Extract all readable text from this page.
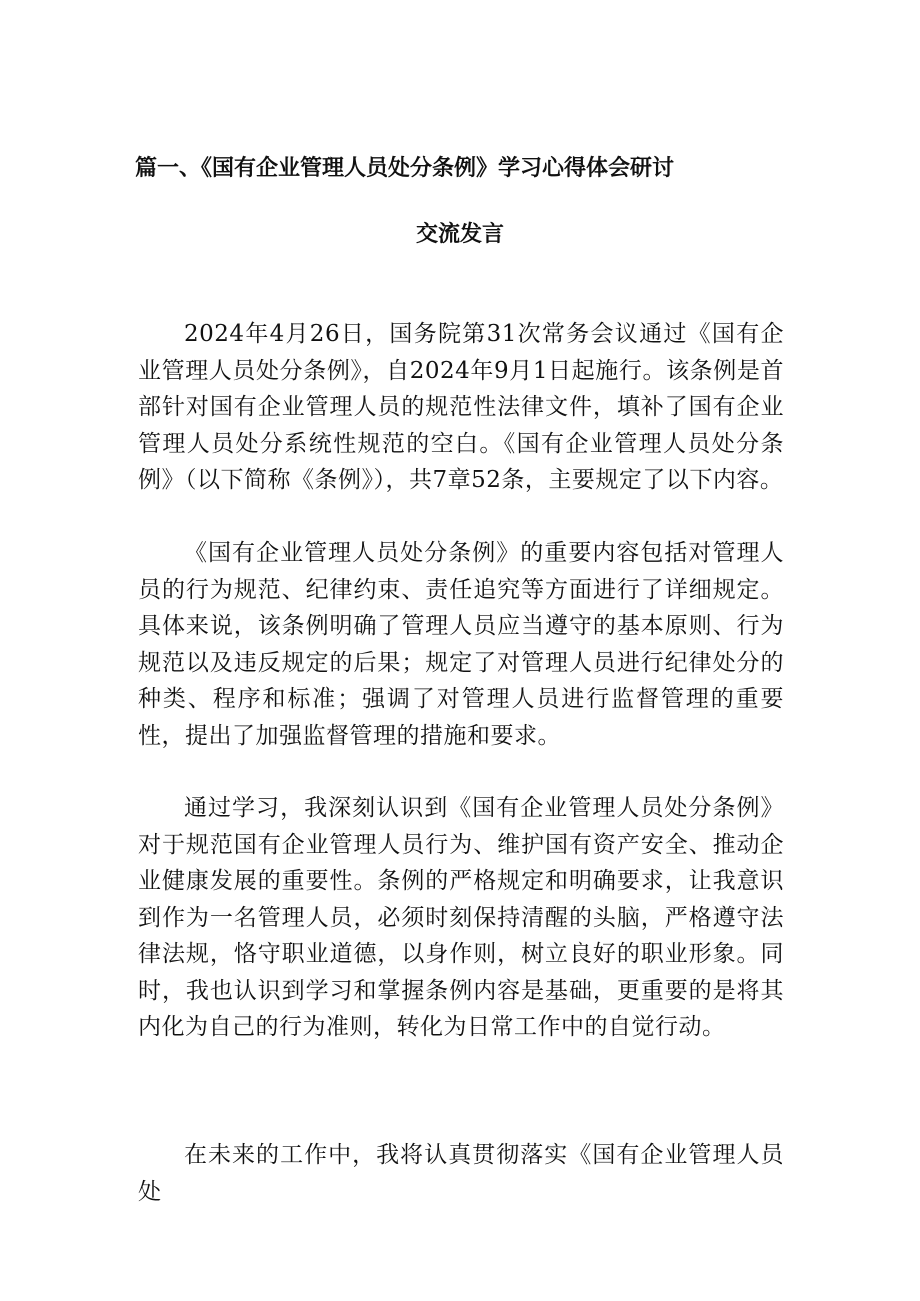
篇一、《国有企业管理人员处分条例》学习心得体会研讨
交流发言

2024年4月26日，国务院第31次常务会议通过《国有企业管理人员处分条例》，自2024年9月1日起施行。该条例是首部针对国有企业管理人员的规范性法律文件，填补了国有企业管理人员处分系统性规范的空白。《国有企业管理人员处分条例》（以下简称《条例》），共7章52条，主要规定了以下内容。

《国有企业管理人员处分条例》的重要内容包括对管理人员的行为规范、纪律约束、责任追究等方面进行了详细规定。具体来说，该条例明确了管理人员应当遵守的基本原则、行为规范以及违反规定的后果；规定了对管理人员进行纪律处分的种类、程序和标准；强调了对管理人员进行监督管理的重要性，提出了加强监督管理的措施和要求。

通过学习，我深刻认识到《国有企业管理人员处分条例》对于规范国有企业管理人员行为、维护国有资产安全、推动企业健康发展的重要性。条例的严格规定和明确要求，让我意识到作为一名管理人员，必须时刻保持清醒的头脑，严格遵守法律法规，恪守职业道德，以身作则，树立良好的职业形象。同时，我也认识到学习和掌握条例内容是基础，更重要的是将其内化为自己的行为准则，转化为日常工作中的自觉行动。

在未来的工作中，我将认真贯彻落实《国有企业管理人员处
